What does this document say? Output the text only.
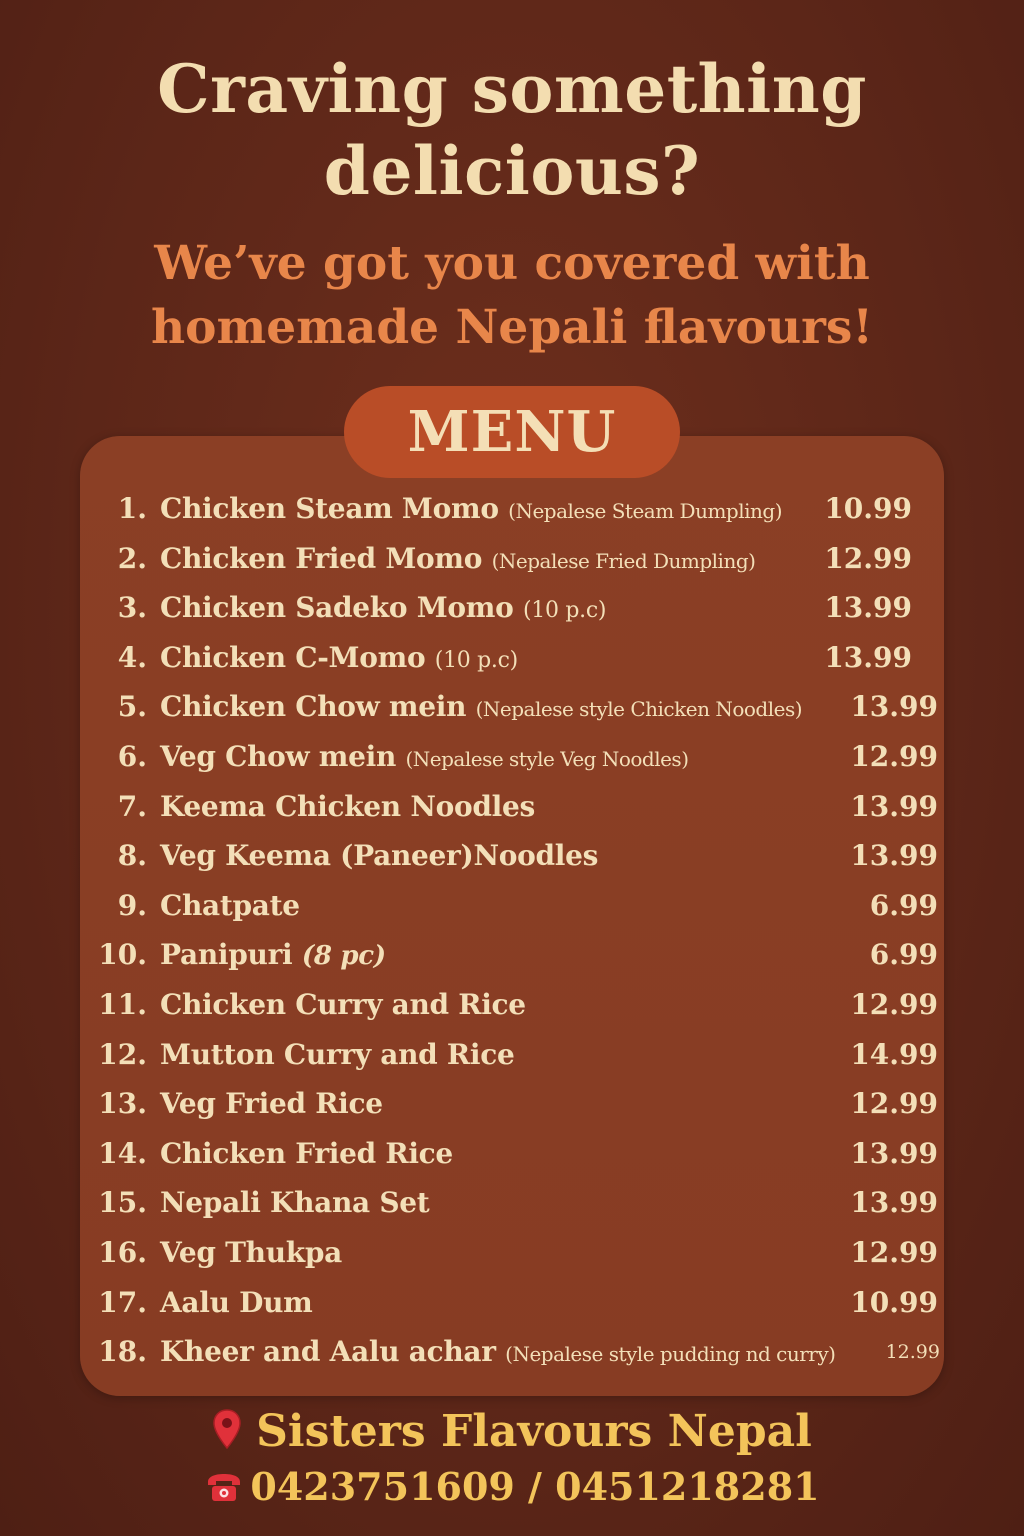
Craving something
delicious?
We’ve got you covered with
homemade Nepali flavours!
MENU
1. Chicken Steam Momo (Nepalese Steam Dumpling) 10.99
2. Chicken Fried Momo (Nepalese Fried Dumpling) 12.99
3. Chicken Sadeko Momo (10 p.c)	13.99
4. Chicken C-Momo (10 p.c)	13.99
5. Chicken Chow mein (Nepalese style Chicken Noodles) 13.99
6. Veg Chow mein (Nepalese style Veg Noodles)	12.99
7. Keema Chicken Noodles	13.99
8. Veg Keema (Paneer)Noodles	13.99
9. Chatpate	6.99
10. Panipuri (8 pc)	6.99
11. Chicken Curry and Rice	12.99
12. Mutton Curry and Rice	14.99
13. Veg Fried Rice	12.99
14. Chicken Fried Rice	13.99
15. Nepali Khana Set	13.99
16. Veg Thukpa	12.99
17. Aalu Dum	10.99
18. Kheer and Aalu achar (Nepalese style pudding nd curry)	12.99
Sisters Flavours Nepal
0423751609 / 0451218281
